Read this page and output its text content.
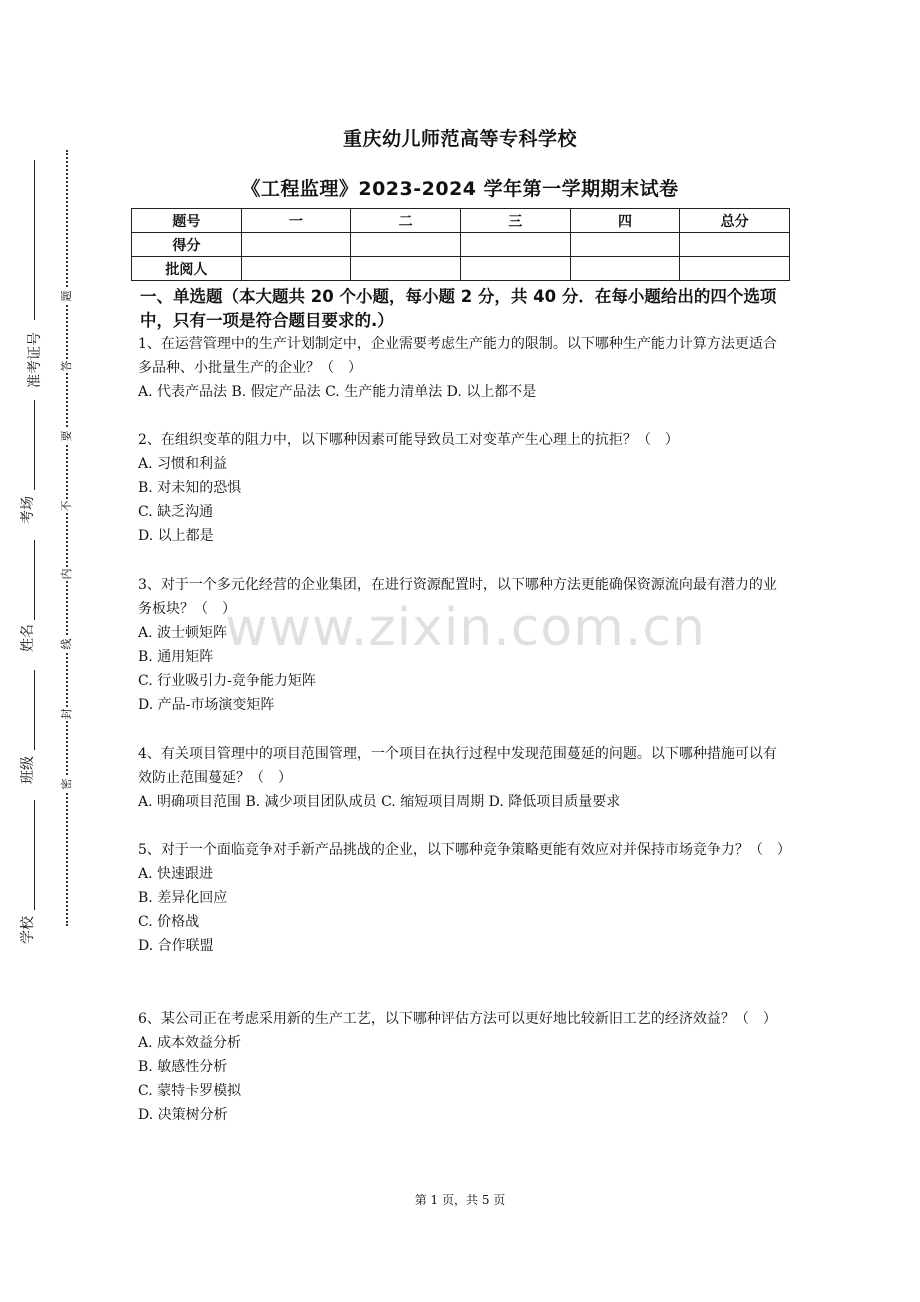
准考证号
考场
姓名
班级
学校
题
答
要
不
内
线
封
密
重庆幼儿师范高等专科学校
《工程监理》2023-2024 学年第一学期期末试卷
题号	一	二	三	四	总分
得分					
批阅人					
一、单选题（本大题共 20 个小题，每小题 2 分，共 40 分．在每小题给出的四个选项中，只有一项是符合题目要求的.）
www.zixin.com.cn

1、在运营管理中的生产计划制定中，企业需要考虑生产能力的限制。以下哪种生产能力计算方法更适合多品种、小批量生产的企业？（　）

A. 代表产品法 B. 假定产品法 C. 生产能力清单法 D. 以上都不是

2、在组织变革的阻力中，以下哪种因素可能导致员工对变革产生心理上的抗拒？（　）

A. 习惯和利益

B. 对未知的恐惧

C. 缺乏沟通

D. 以上都是

3、对于一个多元化经营的企业集团，在进行资源配置时，以下哪种方法更能确保资源流向最有潜力的业务板块？（　）

A. 波士顿矩阵

B. 通用矩阵

C. 行业吸引力-竞争能力矩阵

D. 产品-市场演变矩阵

4、有关项目管理中的项目范围管理，一个项目在执行过程中发现范围蔓延的问题。以下哪种措施可以有效防止范围蔓延？（　）

A. 明确项目范围 B. 减少项目团队成员 C. 缩短项目周期 D. 降低项目质量要求

5、对于一个面临竞争对手新产品挑战的企业，以下哪种竞争策略更能有效应对并保持市场竞争力？（　）

A. 快速跟进

B. 差异化回应

C. 价格战

D. 合作联盟

6、某公司正在考虑采用新的生产工艺，以下哪种评估方法可以更好地比较新旧工艺的经济效益？（　）

A. 成本效益分析

B. 敏感性分析

C. 蒙特卡罗模拟

D. 决策树分析

第 1 页，共 5 页
